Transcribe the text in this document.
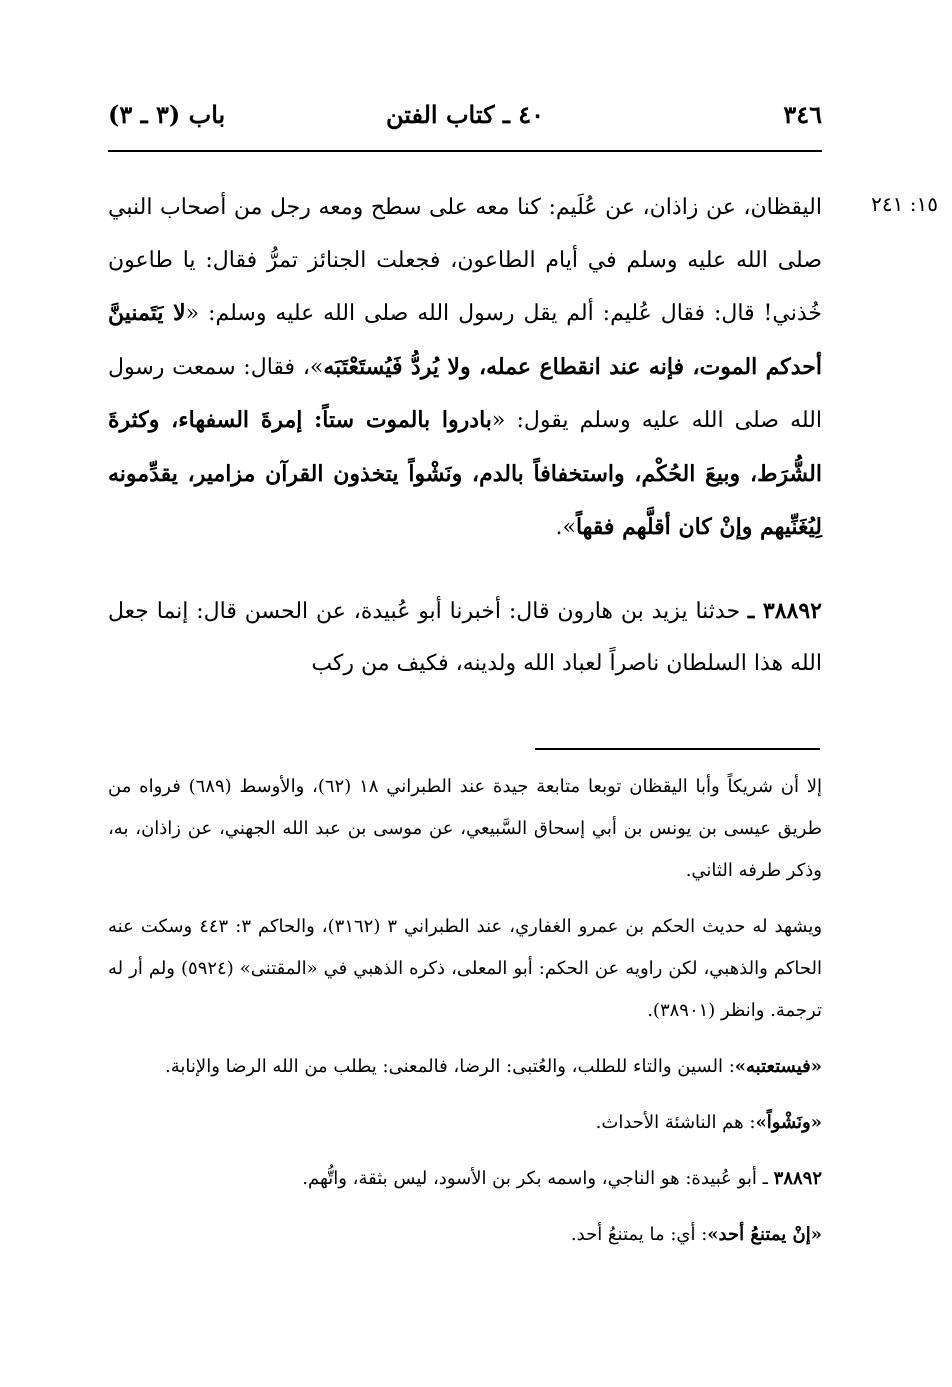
٣٤٦
٤٠ ـ كتاب الفتن
باب (٣ ـ ٣)
١٥: ٢٤١

اليقظان، عن زاذان، عن عُلَيم: كنا معه على سطح ومعه رجل من أصحاب النبي صلى الله عليه وسلم في أيام الطاعون، فجعلت الجنائز تمرُّ فقال: يا طاعون خُذني! قال: فقال عُليم: ألم يقل رسول الله صلى الله عليه وسلم: «لا يَتَمنينَّ أحدكم الموت، فإنه عند انقطاع عمله، ولا يُردُّ فَيُستَعْتَبَه»، فقال: سمعت رسول الله صلى الله عليه وسلم يقول: «بادروا بالموت ستاً: إمرةَ السفهاء، وكثرةَ الشُّرَط، وبيعَ الحُكْم، واستخفافاً بالدم، ونَشْواً يتخذون القرآن مزامير، يقدِّمونه لِيُغَنِّيهم وإنْ كان أقلَّهم فقهاً».

٣٨٨٩٢ ـ حدثنا يزيد بن هارون قال: أخبرنا أبو عُبيدة، عن الحسن قال: إنما جعل الله هذا السلطان ناصراً لعباد الله ولدينه، فكيف من ركب

إلا أن شريكاً وأبا اليقظان توبعا متابعة جيدة عند الطبراني ١٨ (٦٢)، والأوسط (٦٨٩) فرواه من طريق عيسى بن يونس بن أبي إسحاق السَّبيعي، عن موسى بن عبد الله الجهني، عن زاذان، به، وذكر طرفه الثاني.

ويشهد له حديث الحكم بن عمرو الغفاري، عند الطبراني ٣ (٣١٦٢)، والحاكم ٣: ٤٤٣ وسكت عنه الحاكم والذهبي، لكن راويه عن الحكم: أبو المعلى، ذكره الذهبي في «المقتنى» (٥٩٢٤) ولم أر له ترجمة. وانظر (٣٨٩٠١).

«فيستعتبه»: السين والتاء للطلب، والعُتبى: الرضا، فالمعنى: يطلب من الله الرضا والإنابة.

«ونَشْواً»: هم الناشئة الأحداث.

٣٨٨٩٢ ـ أبو عُبيدة: هو الناجي، واسمه بكر بن الأسود، ليس بثقة، واتُّهم.

«إنْ يمتنعُ أحد»: أي: ما يمتنعُ أحد.
